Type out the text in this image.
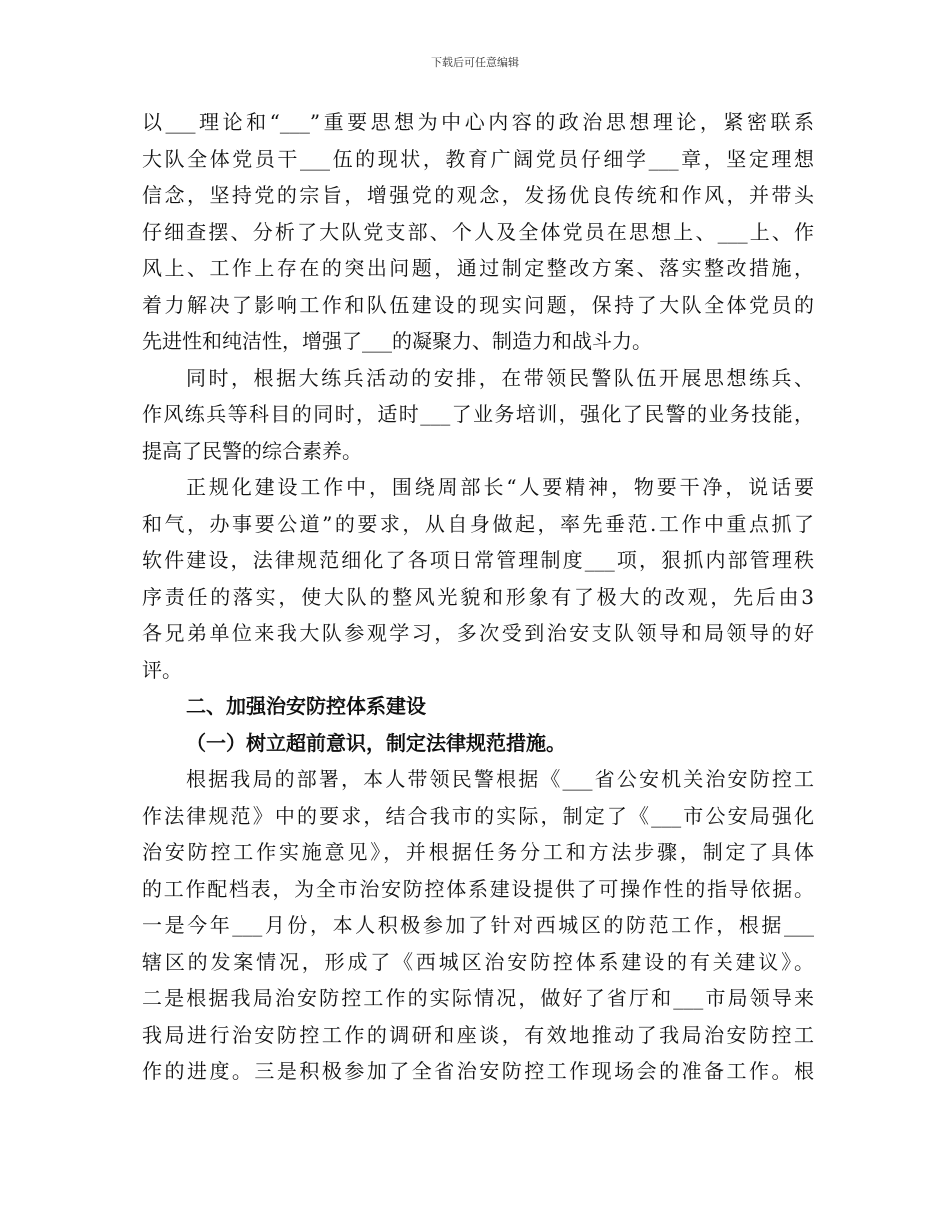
下载后可任意编辑
以___理论和“___”重要思想为中心内容的政治思想理论，紧密联系
大队全体党员干___伍的现状，教育广阔党员仔细学___章，坚定理想
信念，坚持党的宗旨，增强党的观念，发扬优良传统和作风，并带头
仔细查摆、分析了大队党支部、个人及全体党员在思想上、___上、作
风上、工作上存在的突出问题，通过制定整改方案、落实整改措施，
着力解决了影响工作和队伍建设的现实问题，保持了大队全体党员的
先进性和纯洁性，增强了___的凝聚力、制造力和战斗力。
同时，根据大练兵活动的安排，在带领民警队伍开展思想练兵、
作风练兵等科目的同时，适时___了业务培训，强化了民警的业务技能，
提高了民警的综合素养。
正规化建设工作中，围绕周部长“人要精神，物要干净，说话要
和气，办事要公道”的要求，从自身做起，率先垂范.工作中重点抓了
软件建设，法律规范细化了各项日常管理制度___项，狠抓内部管理秩
序责任的落实，使大队的整风光貌和形象有了极大的改观，先后由3
各兄弟单位来我大队参观学习，多次受到治安支队领导和局领导的好
评。
二、加强治安防控体系建设
（一）树立超前意识，制定法律规范措施。
根据我局的部署，本人带领民警根据《___省公安机关治安防控工
作法律规范》中的要求，结合我市的实际，制定了《___市公安局强化
治安防控工作实施意见》，并根据任务分工和方法步骤，制定了具体
的工作配档表，为全市治安防控体系建设提供了可操作性的指导依据。
一是今年___月份，本人积极参加了针对西城区的防范工作，根据___
辖区的发案情况，形成了《西城区治安防控体系建设的有关建议》。
二是根据我局治安防控工作的实际情况，做好了省厅和___市局领导来
我局进行治安防控工作的调研和座谈，有效地推动了我局治安防控工
作的进度。三是积极参加了全省治安防控工作现场会的准备工作。根
